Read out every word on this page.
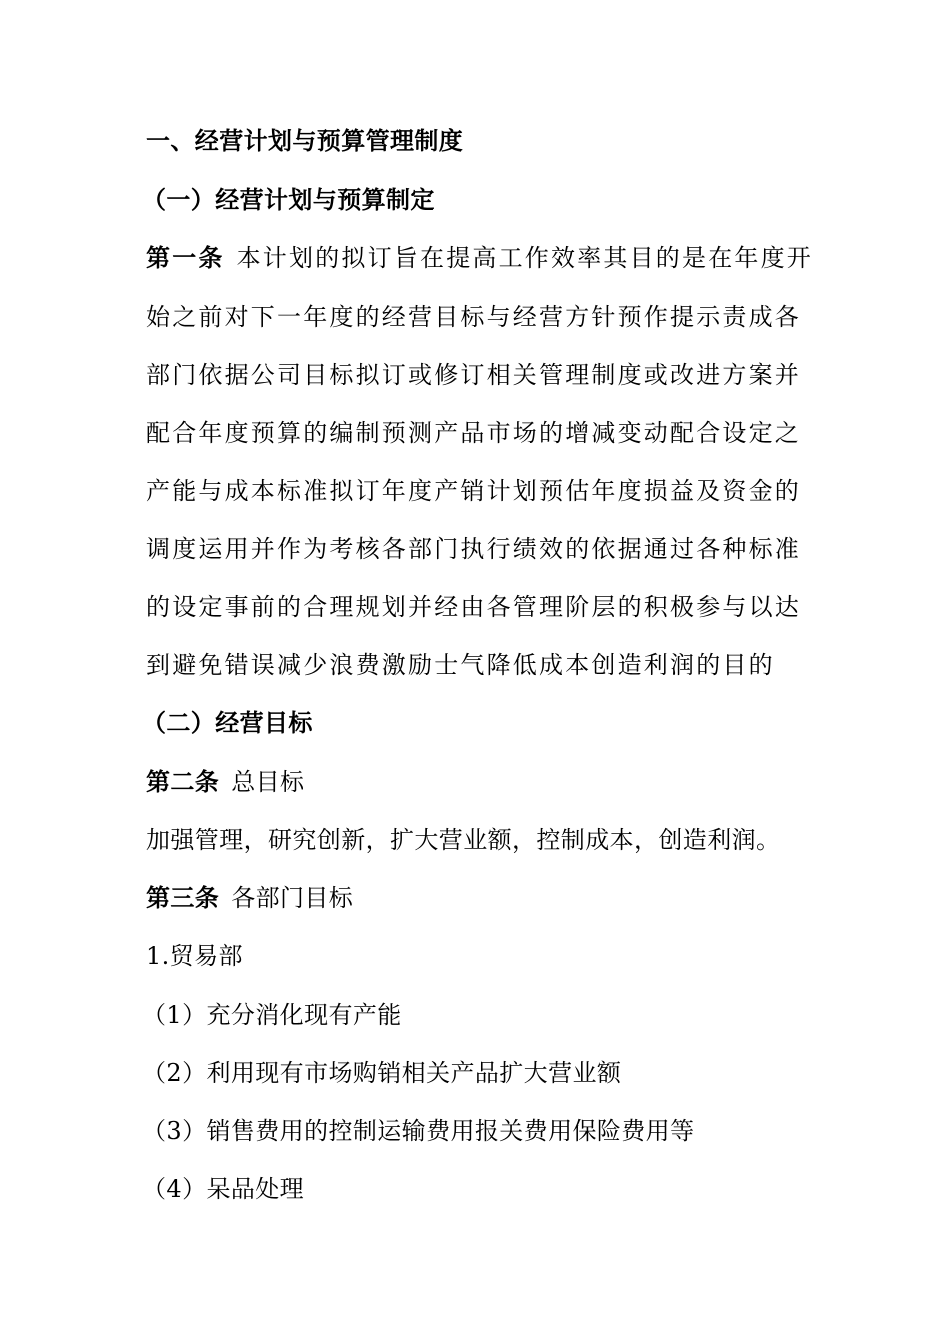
一、经营计划与预算管理制度
（一）经营计划与预算制定
第一条 本计划的拟订旨在提高工作效率其目的是在年度开
始之前对下一年度的经营目标与经营方针预作提示责成各
部门依据公司目标拟订或修订相关管理制度或改进方案并
配合年度预算的编制预测产品市场的增减变动配合设定之
产能与成本标准拟订年度产销计划预估年度损益及资金的
调度运用并作为考核各部门执行绩效的依据通过各种标准
的设定事前的合理规划并经由各管理阶层的积极参与以达
到避免错误减少浪费激励士气降低成本创造利润的目的
（二）经营目标
第二条 总目标
加强管理，研究创新，扩大营业额，控制成本，创造利润。
第三条 各部门目标
1.贸易部
（1）充分消化现有产能
（2）利用现有市场购销相关产品扩大营业额
（3）销售费用的控制运输费用报关费用保险费用等
（4）呆品处理
